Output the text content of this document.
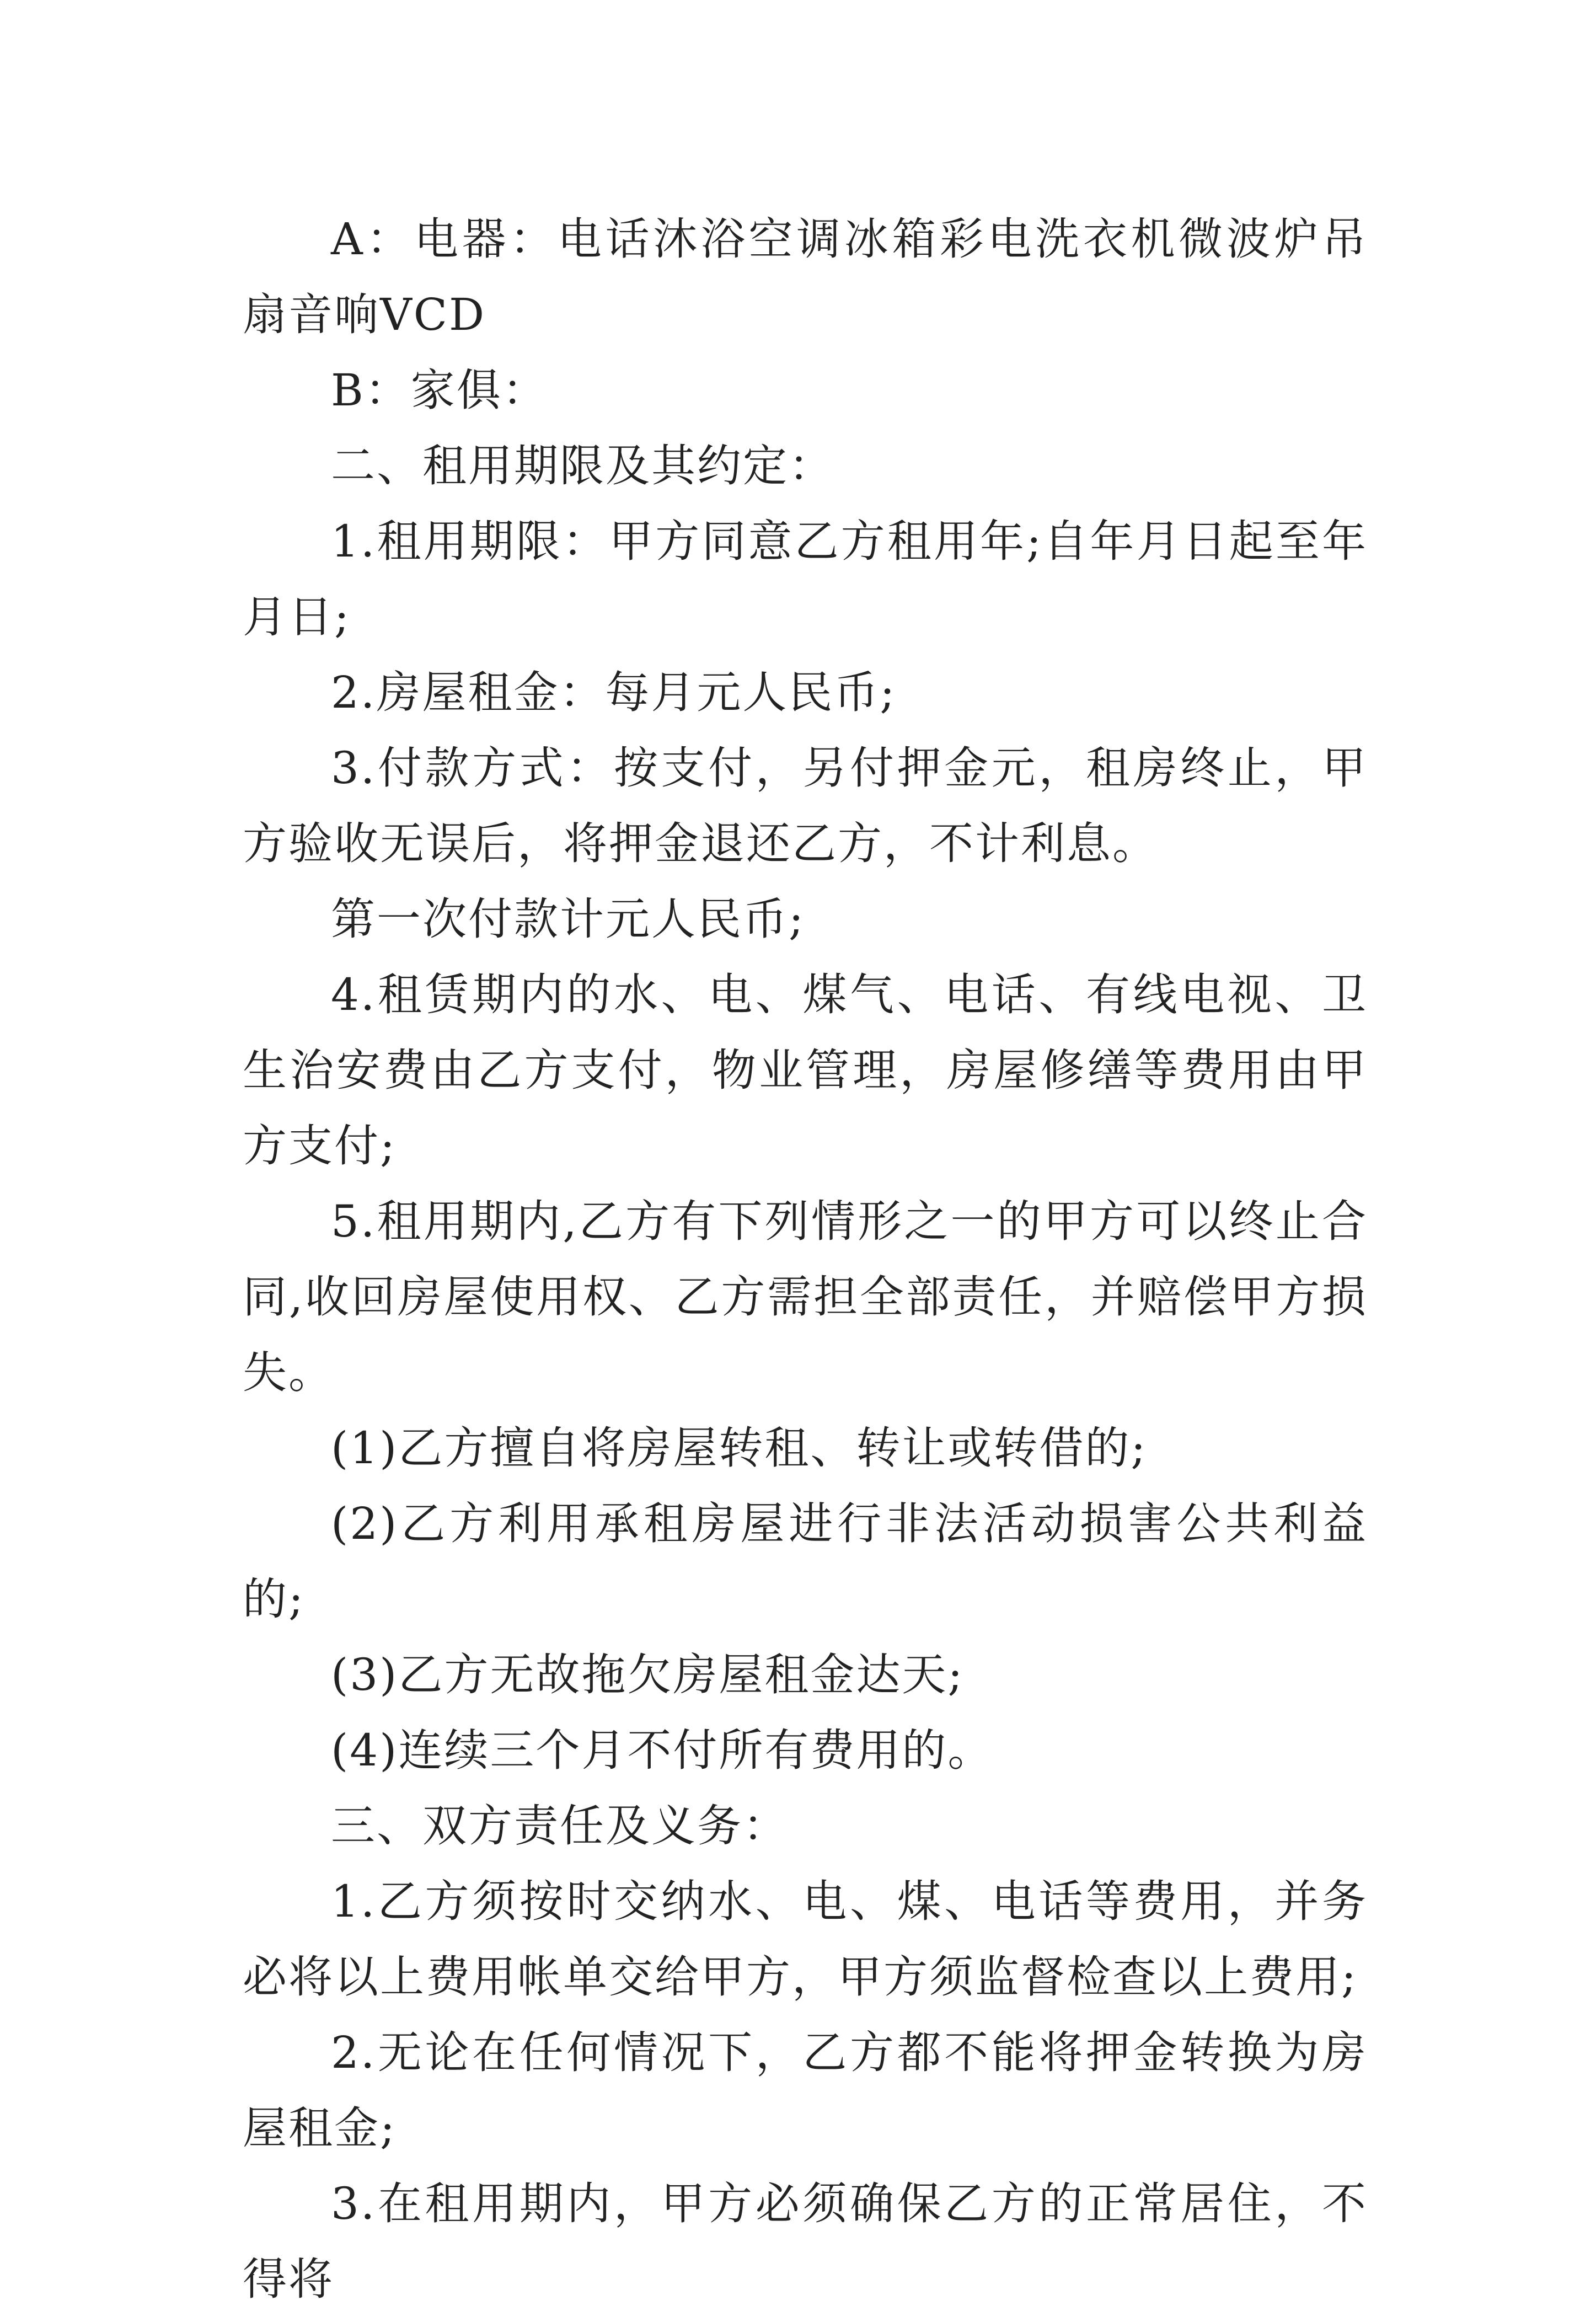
A：电器：电话沐浴空调冰箱彩电洗衣机微波炉吊扇音响VCD

B：家俱：

二、租用期限及其约定：

1.租用期限：甲方同意乙方租用年;自年月日起至年月日;

2.房屋租金：每月元人民币;

3.付款方式：按支付，另付押金元，租房终止，甲方验收无误后，将押金退还乙方，不计利息。

第一次付款计元人民币;

4.租赁期内的水、电、煤气、电话、有线电视、卫生治安费由乙方支付，物业管理，房屋修缮等费用由甲方支付;

5.租用期内,乙方有下列情形之一的甲方可以终止合同,收回房屋使用权、乙方需担全部责任，并赔偿甲方损失。

(1)乙方擅自将房屋转租、转让或转借的;

(2)乙方利用承租房屋进行非法活动损害公共利益的;

(3)乙方无故拖欠房屋租金达天;

(4)连续三个月不付所有费用的。

三、双方责任及义务：

1.乙方须按时交纳水、电、煤、电话等费用，并务必将以上费用帐单交给甲方，甲方须监督检查以上费用;

2.无论在任何情况下，乙方都不能将押金转换为房屋租金;

3.在租用期内，甲方必须确保乙方的正常居住，不得将
